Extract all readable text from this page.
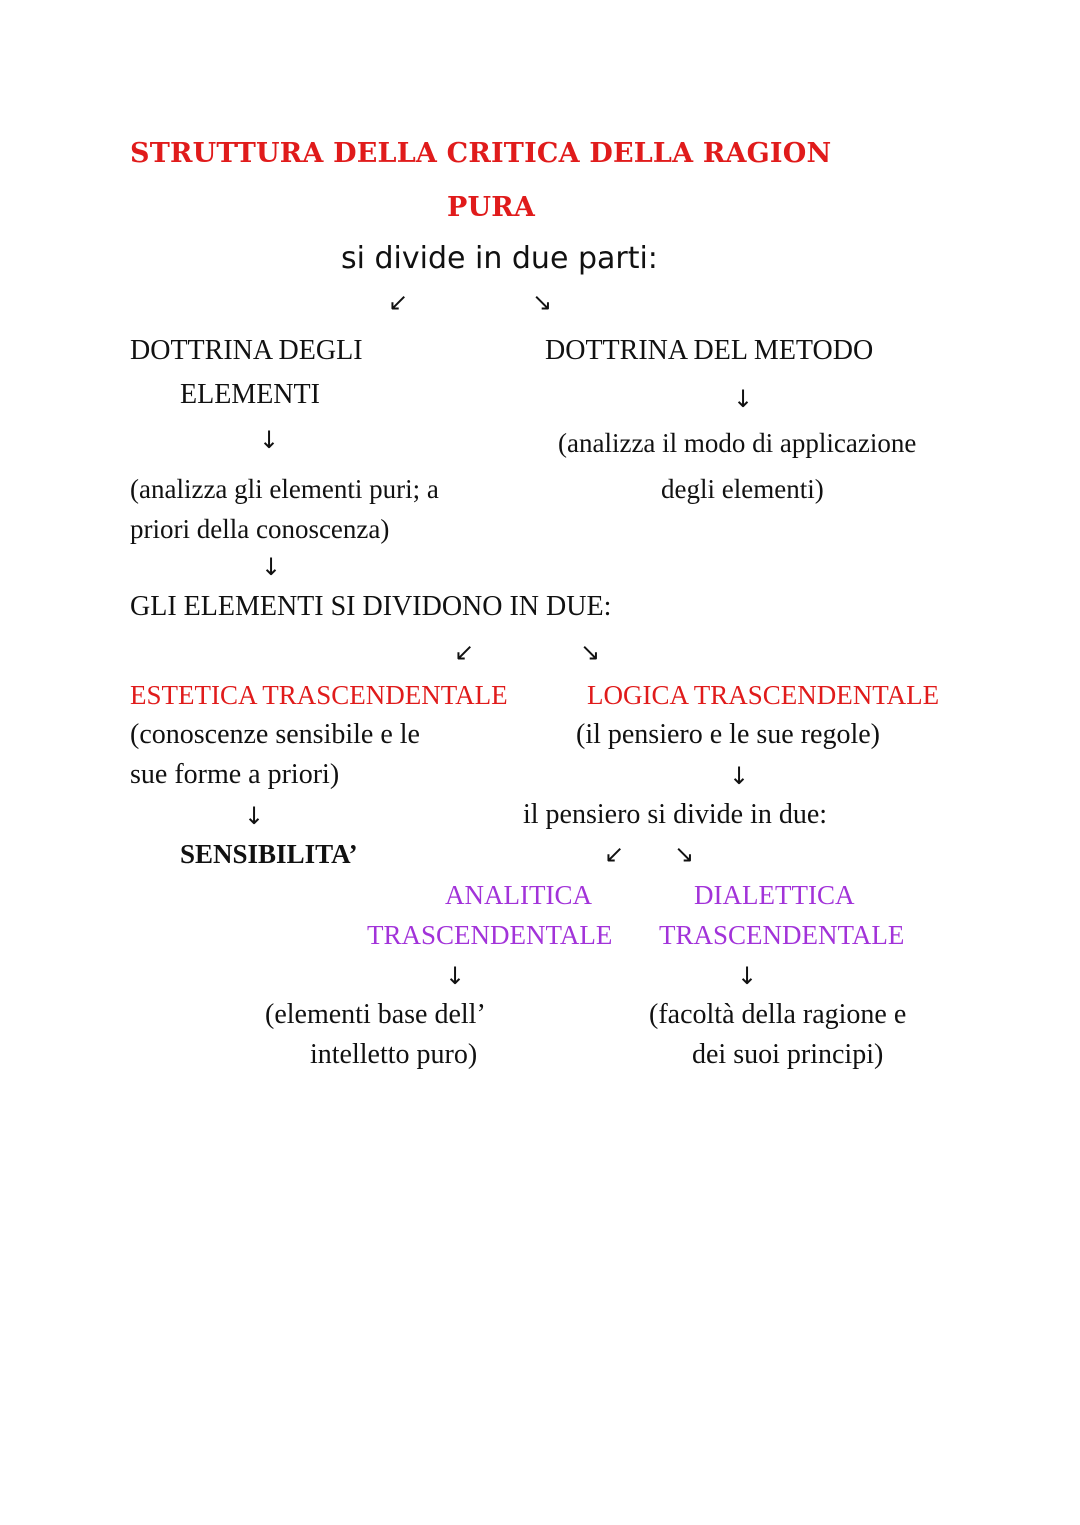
STRUTTURA DELLA CRITICA DELLA RAGION
PURA
si divide in due parti:
↙	↘
DOTTRINA DEGLI
ELEMENTI
↓
(analizza gli elementi puri; a
priori della conoscenza)
↓
DOTTRINA DEL METODO
↓
(analizza il modo di applicazione
degli elementi)
GLI ELEMENTI SI DIVIDONO IN DUE:
↙	↘
ESTETICA TRASCENDENTALE
(conoscenze sensibile e le
sue forme a priori)
↓
SENSIBILITA’
LOGICA TRASCENDENTALE
(il pensiero e le sue regole)
↓
il pensiero si divide in due:
↙ ↘
ANALITICA
TRASCENDENTALE
↓
(elementi base dell’
intelletto puro)
DIALETTICA
TRASCENDENTALE
↓
(facoltà della ragione e
dei suoi principi)
